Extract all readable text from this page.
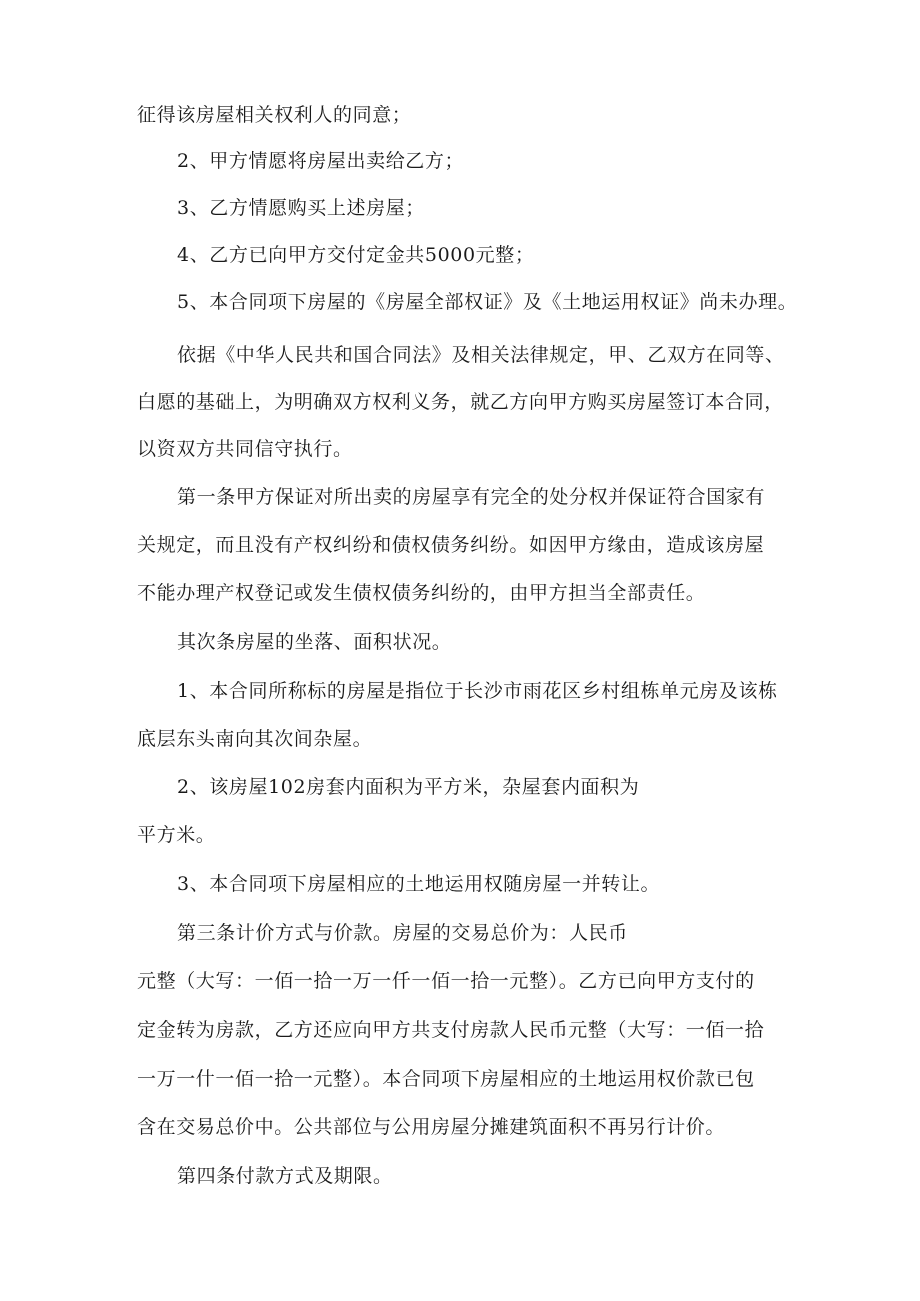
征得该房屋相关权利人的同意；
2、甲方情愿将房屋出卖给乙方；
3、乙方情愿购买上述房屋；
4、乙方已向甲方交付定金共5000元整；
5、本合同项下房屋的《房屋全部权证》及《土地运用权证》尚未办理。
依据《中华人民共和国合同法》及相关法律规定，甲、乙双方在同等、
白愿的基础上，为明确双方权利义务，就乙方向甲方购买房屋签订本合同，
以资双方共同信守执行。
第一条甲方保证对所出卖的房屋享有完全的处分权并保证符合国家有
关规定，而且没有产权纠纷和债权债务纠纷。如因甲方缘由，造成该房屋
不能办理产权登记或发生债权债务纠纷的，由甲方担当全部责任。
其次条房屋的坐落、面积状况。
1、本合同所称标的房屋是指位于长沙市雨花区乡村组栋单元房及该栋
底层东头南向其次间杂屋。
2、该房屋102房套内面积为平方米，杂屋套内面积为
平方米。
3、本合同项下房屋相应的土地运用权随房屋一并转让。
第三条计价方式与价款。房屋的交易总价为：人民币
元整（大写：一佰一拾一万一仟一佰一拾一元整）。乙方已向甲方支付的
定金转为房款，乙方还应向甲方共支付房款人民币元整（大写：一佰一拾
一万一什一佰一拾一元整）。本合同项下房屋相应的土地运用权价款已包
含在交易总价中。公共部位与公用房屋分摊建筑面积不再另行计价。
第四条付款方式及期限。
